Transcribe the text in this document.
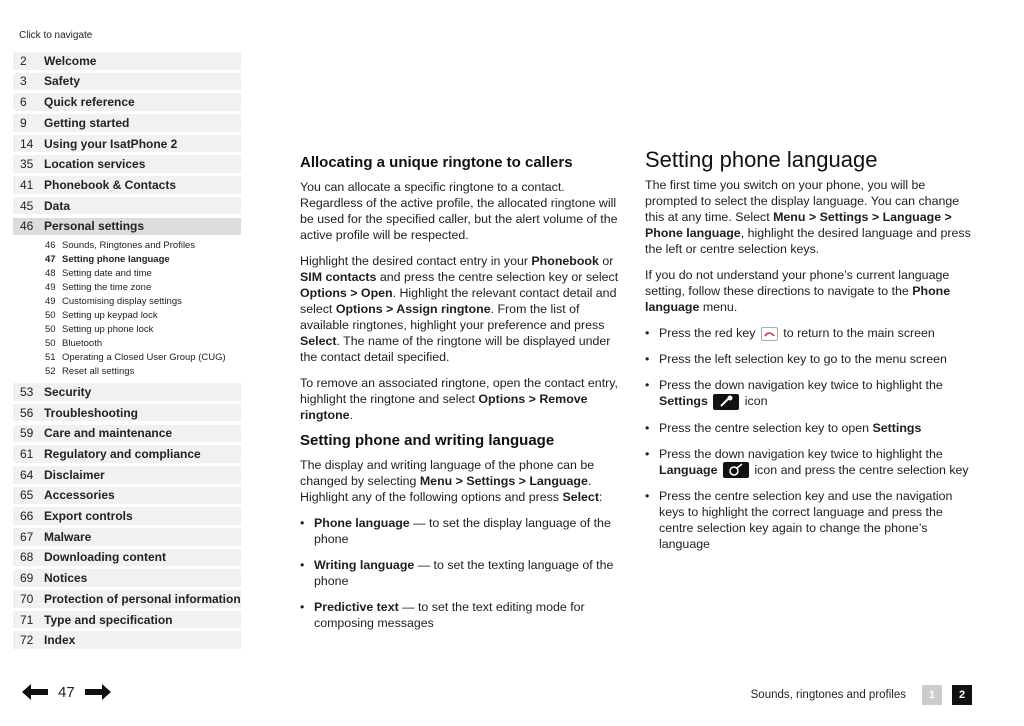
Click to navigate
2	Welcome
3	Safety
6	Quick reference
9	Getting started
14 Using your IsatPhone 2
35 Location services
41 Phonebook & Contacts
45 Data
46 Personal settings
46 Sounds, Ringtones and Profiles
47 Setting phone language
48 Setting date and time
49 Setting the time zone
49 Customising display settings
50 Setting up keypad lock
50 Setting up phone lock
50 Bluetooth
51 Operating a Closed User Group (CUG)
52 Reset all settings
53 Security
56 Troubleshooting
59 Care and maintenance
61 Regulatory and compliance
64 Disclaimer
65 Accessories
66 Export controls
67 Malware
68 Downloading content
69 Notices
70 Protection of personal information
71 Type and specification
72 Index
47	Sounds, ringtones and profiles	1	2
Allocating a unique ringtone to callers

You can allocate a specific ringtone to a contact. Regardless of the active profile, the allocated ringtone will be used for the specified caller, but the alert volume of the active profile will be respected.

Highlight the desired contact entry in your Phonebook or SIM contacts and press the centre selection key or select Options > Open. Highlight the relevant contact detail and select Options > Assign ringtone. From the list of available ringtones, highlight your preference and press Select. The name of the ringtone will be displayed under the contact detail specified.

To remove an associated ringtone, open the contact entry, highlight the ringtone and select Options > Remove ringtone.

Setting phone and writing language

The display and writing language of the phone can be changed by selecting Menu > Settings > Language. Highlight any of the following options and press Select:

• Phone language — to set the display language of the phone
• Writing language — to set the texting language of the phone
• Predictive text — to set the text editing mode for composing messages
Setting phone language

The first time you switch on your phone, you will be prompted to select the display language. You can change this at any time. Select Menu > Settings > Language > Phone language, highlight the desired language and press the left or centre selection keys.

If you do not understand your phone’s current language setting, follow these directions to navigate to the Phone language menu.

• Press the red key
to return to the main screen
• Press the left selection key to go to the menu screen
• Press the down navigation key twice to highlight the Settings	icon
• Press the centre selection key to open Settings
• Press the down navigation key twice to highlight the Language	icon and press the centre selection key
• Press the centre selection key and use the navigation keys to highlight the correct language and press the centre selection key again to change the phone’s language
